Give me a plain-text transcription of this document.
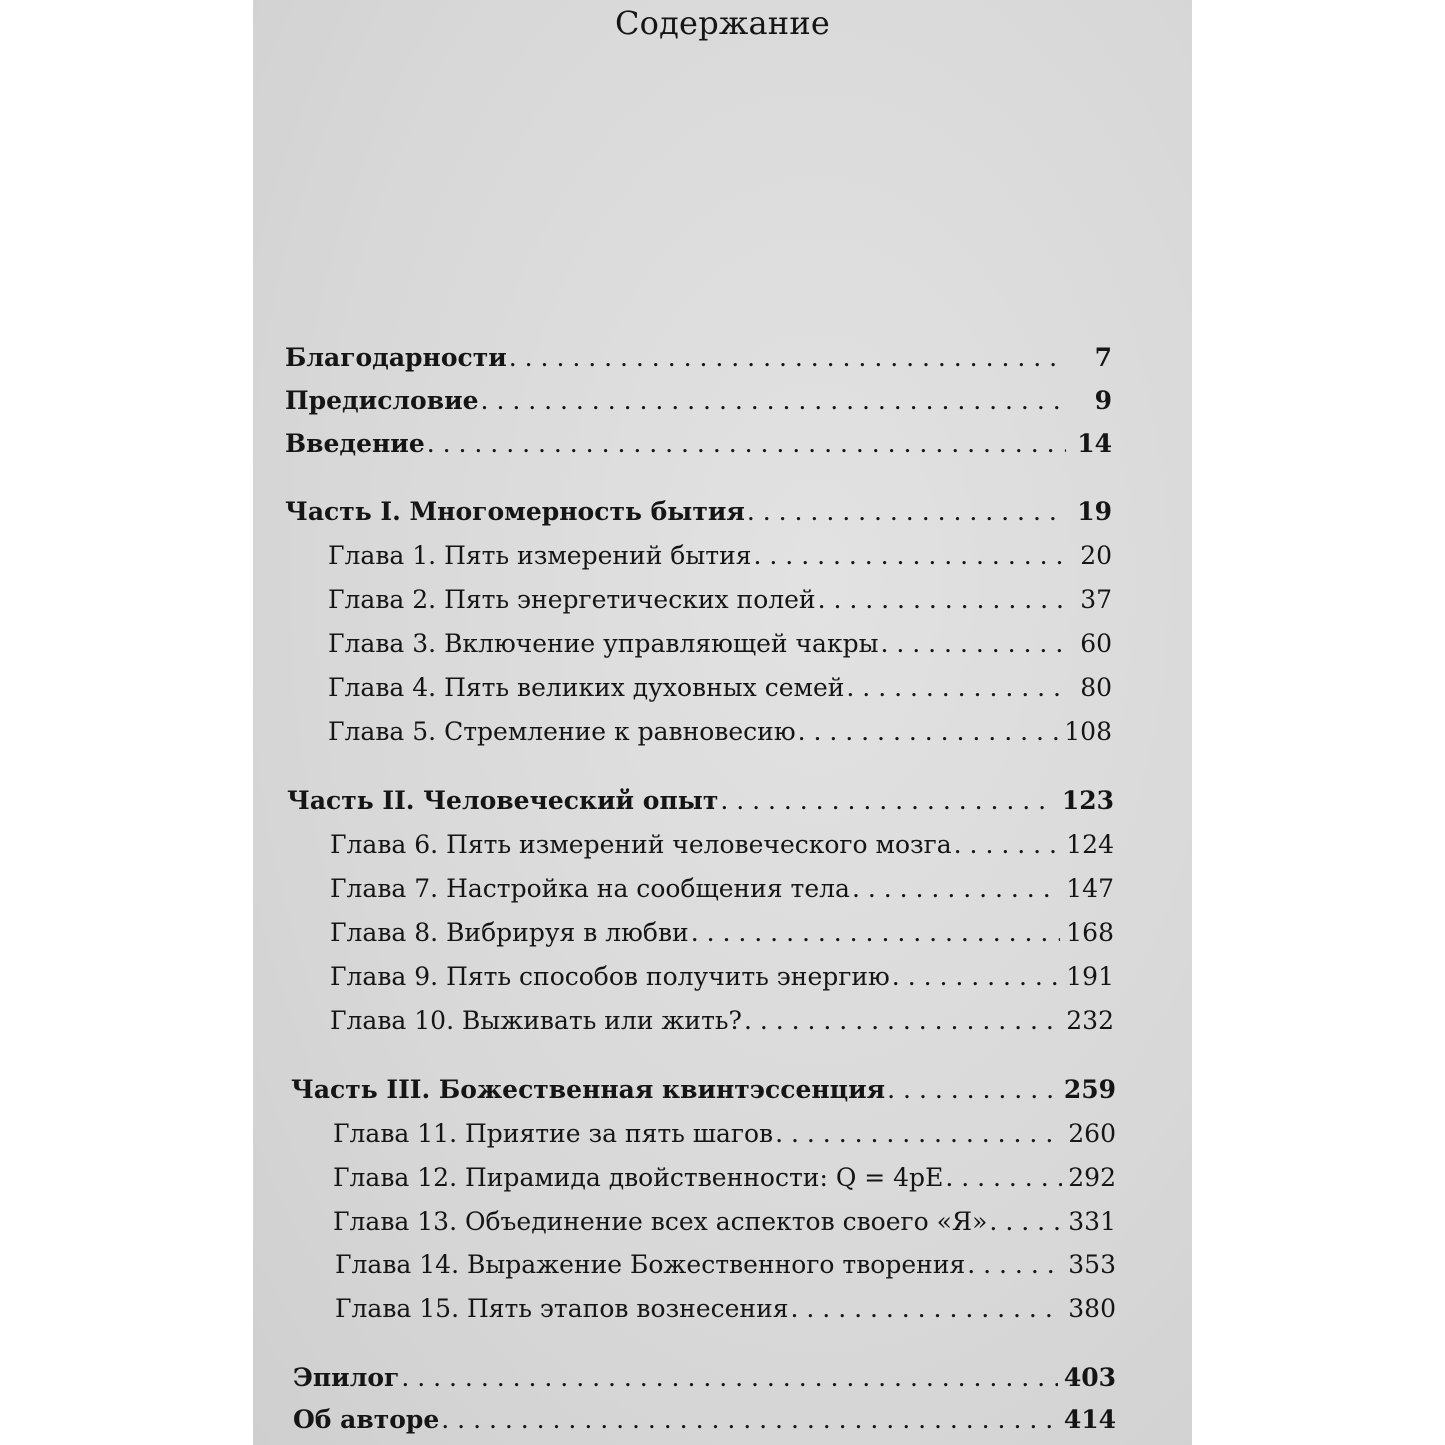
Содержание
Благодарности . . .	7
Предисловие . . .	9
Введение . . .	14
Часть I. Многомерность бытия . . .	19
Глава 1. Пять измерений бытия . . .	20
Глава 2. Пять энергетических полей . . .	37
Глава 3. Включение управляющей чакры . . .	60
Глава 4. Пять великих духовных семей . . .	80
Глава 5. Стремление к равновесию . . .	108
Часть II. Человеческий опыт . . .	123
Глава 6. Пять измерений человеческого мозга . . .	124
Глава 7. Настройка на сообщения тела . . .	147
Глава 8. Вибрируя в любви . . .	168
Глава 9. Пять способов получить энергию . . .	191
Глава 10. Выживать или жить? . . .	232
Часть III. Божественная квинтэссенция . . .	259
Глава 11. Приятие за пять шагов . . .	260
Глава 12. Пирамида двойственности: Q = 4pE . . .	292
Глава 13. Объединение всех аспектов своего «Я» . . .	331
Глава 14. Выражение Божественного творения . . .	353
Глава 15. Пять этапов вознесения . . .	380
Эпилог . . .	403
Об авторе . . .	414
